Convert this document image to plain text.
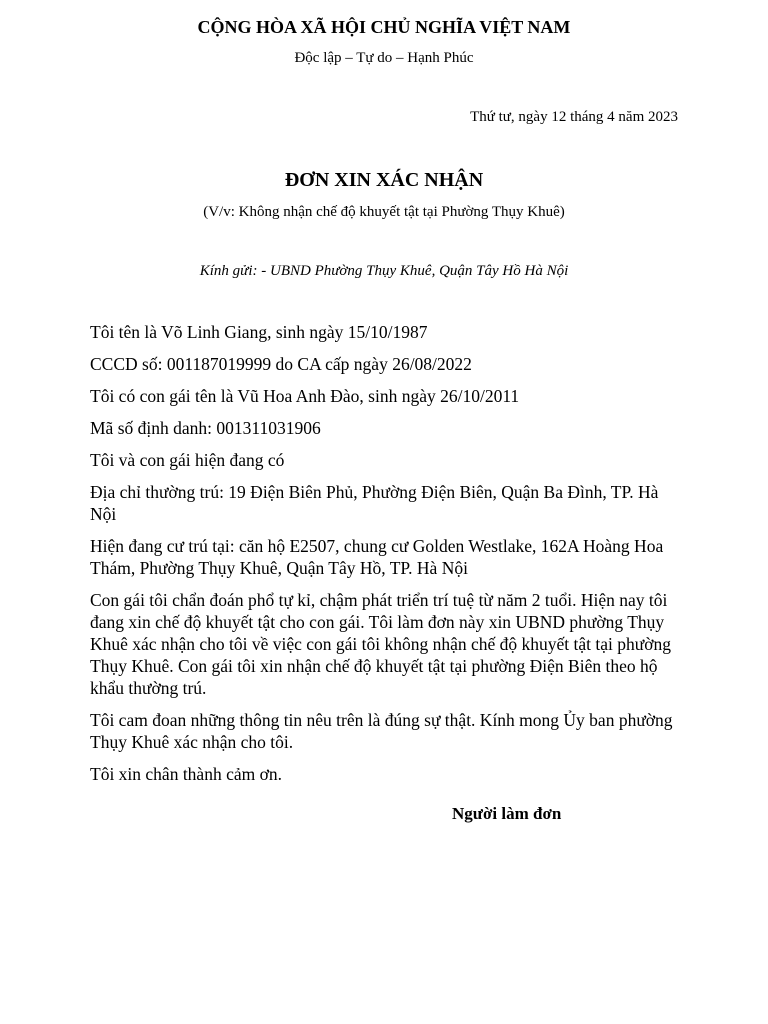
CỘNG HÒA XÃ HỘI CHỦ NGHĨA VIỆT NAM
Độc lập – Tự do – Hạnh Phúc
Thứ tư, ngày 12 tháng 4 năm 2023
ĐƠN XIN XÁC NHẬN
(V/v: Không nhận chế độ khuyết tật tại Phường Thụy Khuê)
Kính gửi: - UBND Phường Thụy Khuê, Quận Tây Hồ Hà Nội

Tôi tên là Võ Linh Giang, sinh ngày 15/10/1987

CCCD số: 001187019999 do CA cấp ngày 26/08/2022

Tôi có con gái tên là Vũ Hoa Anh Đào, sinh ngày 26/10/2011

Mã số định danh: 001311031906

Tôi và con gái hiện đang có

Địa chỉ thường trú: 19 Điện Biên Phủ, Phường Điện Biên, Quận Ba Đình, TP. Hà Nội

Hiện đang cư trú tại: căn hộ E2507, chung cư Golden Westlake, 162A Hoàng Hoa Thám, Phường Thụy Khuê, Quận Tây Hồ, TP. Hà Nội

Con gái tôi chẩn đoán phổ tự kỉ, chậm phát triển trí tuệ từ năm 2 tuổi. Hiện nay tôi đang xin chế độ khuyết tật cho con gái. Tôi làm đơn này xin UBND phường Thụy Khuê xác nhận cho tôi về việc con gái tôi không nhận chế độ khuyết tật tại phường Thụy Khuê. Con gái tôi xin nhận chế độ khuyết tật tại phường Điện Biên theo hộ khẩu thường trú.

Tôi cam đoan những thông tin nêu trên là đúng sự thật. Kính mong Ủy ban phường Thụy Khuê xác nhận cho tôi.

Tôi xin chân thành cảm ơn.

Người làm đơn
